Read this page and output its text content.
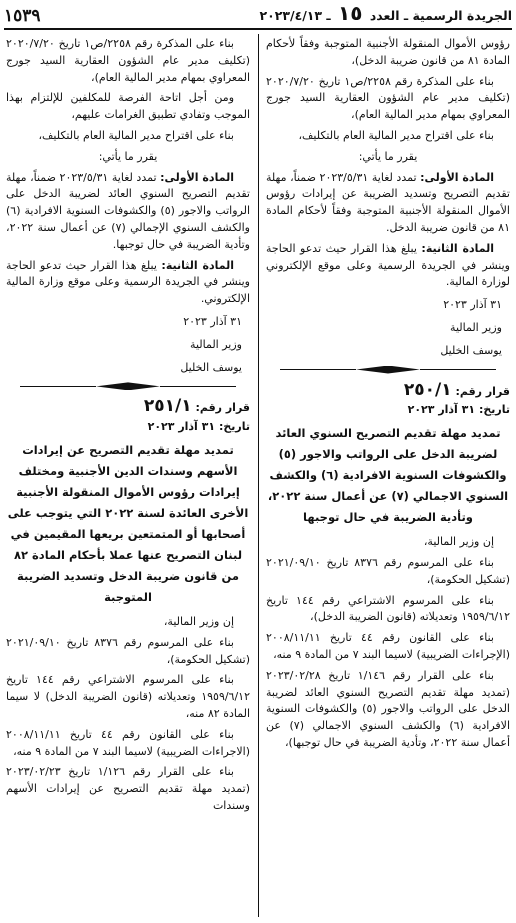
الجريدة الرسمية ـ العدد ١٥ ـ ٢٠٢٣/٤/١٣
١٥٣٩

رؤوس الأموال المنقولة الأجنبية المتوجبة وفقاً لأحكام المادة ٨١ من قانون ضريبة الدخل)،

بناء على المذكرة رقم ٢٢٥٨/ص١ تاريخ ٢٠٢٠/٧/٢٠ (تكليف مدير عام الشؤون العقارية السيد جورج المعراوي بمهام مدير المالية العام)،

بناء على اقتراح مدير المالية العام بالتكليف،

يقرر ما يأتي:

المادة الأولى: تمدد لغاية ٢٠٢٣/٥/٣١ ضمناً، مهلة تقديم التصريح وتسديد الضريبة عن إيرادات رؤوس الأموال المنقولة الأجنبية المتوجبة وفقاً لأحكام المادة ٨١ من قانون ضريبة الدخل.

المادة الثانية: يبلغ هذا القرار حيث تدعو الحاجة وينشر في الجريدة الرسمية وعلى موقع الإلكتروني لوزارة المالية.

٣١ آذار ٢٠٢٣

وزير المالية

يوسف الخليل

قرار رقم: ٢٥٠/١

تاريخ: ٣١ آذار ٢٠٢٣

تمديد مهلة تقديم التصريح السنوي العائد لضريبة الدخل على الرواتب والاجور (٥) والكشوفات السنوية الافرادية (٦) والكشف السنوي الاجمالي (٧) عن أعمال سنة ٢٠٢٢، وتأدية الضريبة في حال توجبها

إن وزير المالية،

بناء على المرسوم رقم ٨٣٧٦ تاريخ ٢٠٢١/٠٩/١٠ (تشكيل الحكومة)،

بناء على المرسوم الاشتراعي رقم ١٤٤ تاريخ ١٩٥٩/٦/١٢ وتعديلاته (قانون الضريبة الدخل)،

بناء على القانون رقم ٤٤ تاريخ ٢٠٠٨/١١/١١ (الإجراءات الضريبية) لاسيما البند ٧ من المادة ٩ منه،

بناء على القرار رقم ١/١٤٦ تاريخ ٢٠٢٣/٠٢/٢٨ (تمديد مهلة تقديم التصريح السنوي العائد لضريبة الدخل على الرواتب والاجور (٥) والكشوفات السنوية الافرادية (٦) والكشف السنوي الاجمالي (٧) عن أعمال سنة ٢٠٢٢، وتأدية الضريبة في حال توجبها)،

بناء على المذكرة رقم ٢٢٥٨/ص١ تاريخ ٢٠٢٠/٧/٢٠ (تكليف مدير عام الشؤون العقارية السيد جورج المعراوي بمهام مدير المالية العام)،

ومن أجل اتاحة الفرصة للمكلفين للإلتزام بهذا الموجب وتفادي تطبيق الغرامات عليهم،

بناء على اقتراح مدير المالية العام بالتكليف،

يقرر ما يأتي:

المادة الأولى: تمدد لغاية ٢٠٢٣/٥/٣١ ضمناً، مهلة تقديم التصريح السنوي العائد لضريبة الدخل على الرواتب والاجور (٥) والكشوفات السنوية الافرادية (٦) والكشف السنوي الإجمالي (٧) عن أعمال سنة ٢٠٢٢، وتأدية الضريبة في حال توجبها.

المادة الثانية: يبلغ هذا القرار حيث تدعو الحاجة وينشر في الجريدة الرسمية وعلى موقع وزارة المالية الإلكتروني.

٣١ آذار ٢٠٢٣

وزير المالية

يوسف الخليل

قرار رقم: ٢٥١/١

تاريخ: ٣١ آذار ٢٠٢٣

تمديد مهلة تقديم التصريح عن إيرادات الأسهم وسندات الدين الأجنبية ومختلف إيرادات رؤوس الأموال المنقولة الأجنبية الأخرى العائدة لسنة ٢٠٢٢ التي يتوجب على أصحابها أو المتمتعين بريعها المقيمين في لبنان التصريح عنها عملا بأحكام المادة ٨٢ من قانون ضريبة الدخل وتسديد الضريبة المتوجبة

إن وزير المالية،

بناء على المرسوم رقم ٨٣٧٦ تاريخ ٢٠٢١/٠٩/١٠ (تشكيل الحكومة)،

بناء على المرسوم الاشتراعي رقم ١٤٤ تاريخ ١٩٥٩/٦/١٢ وتعديلاته (قانون الضريبة الدخل) لا سيما المادة ٨٢ منه،

بناء على القانون رقم ٤٤ تاريخ ٢٠٠٨/١١/١١ (الاجراءات الضريبية) لاسيما البند ٧ من المادة ٩ منه،

بناء على القرار رقم ١/١٢٦ تاريخ ٢٠٢٣/٠٢/٢٣ (تمديد مهلة تقديم التصريح عن إيرادات الأسهم وسندات
